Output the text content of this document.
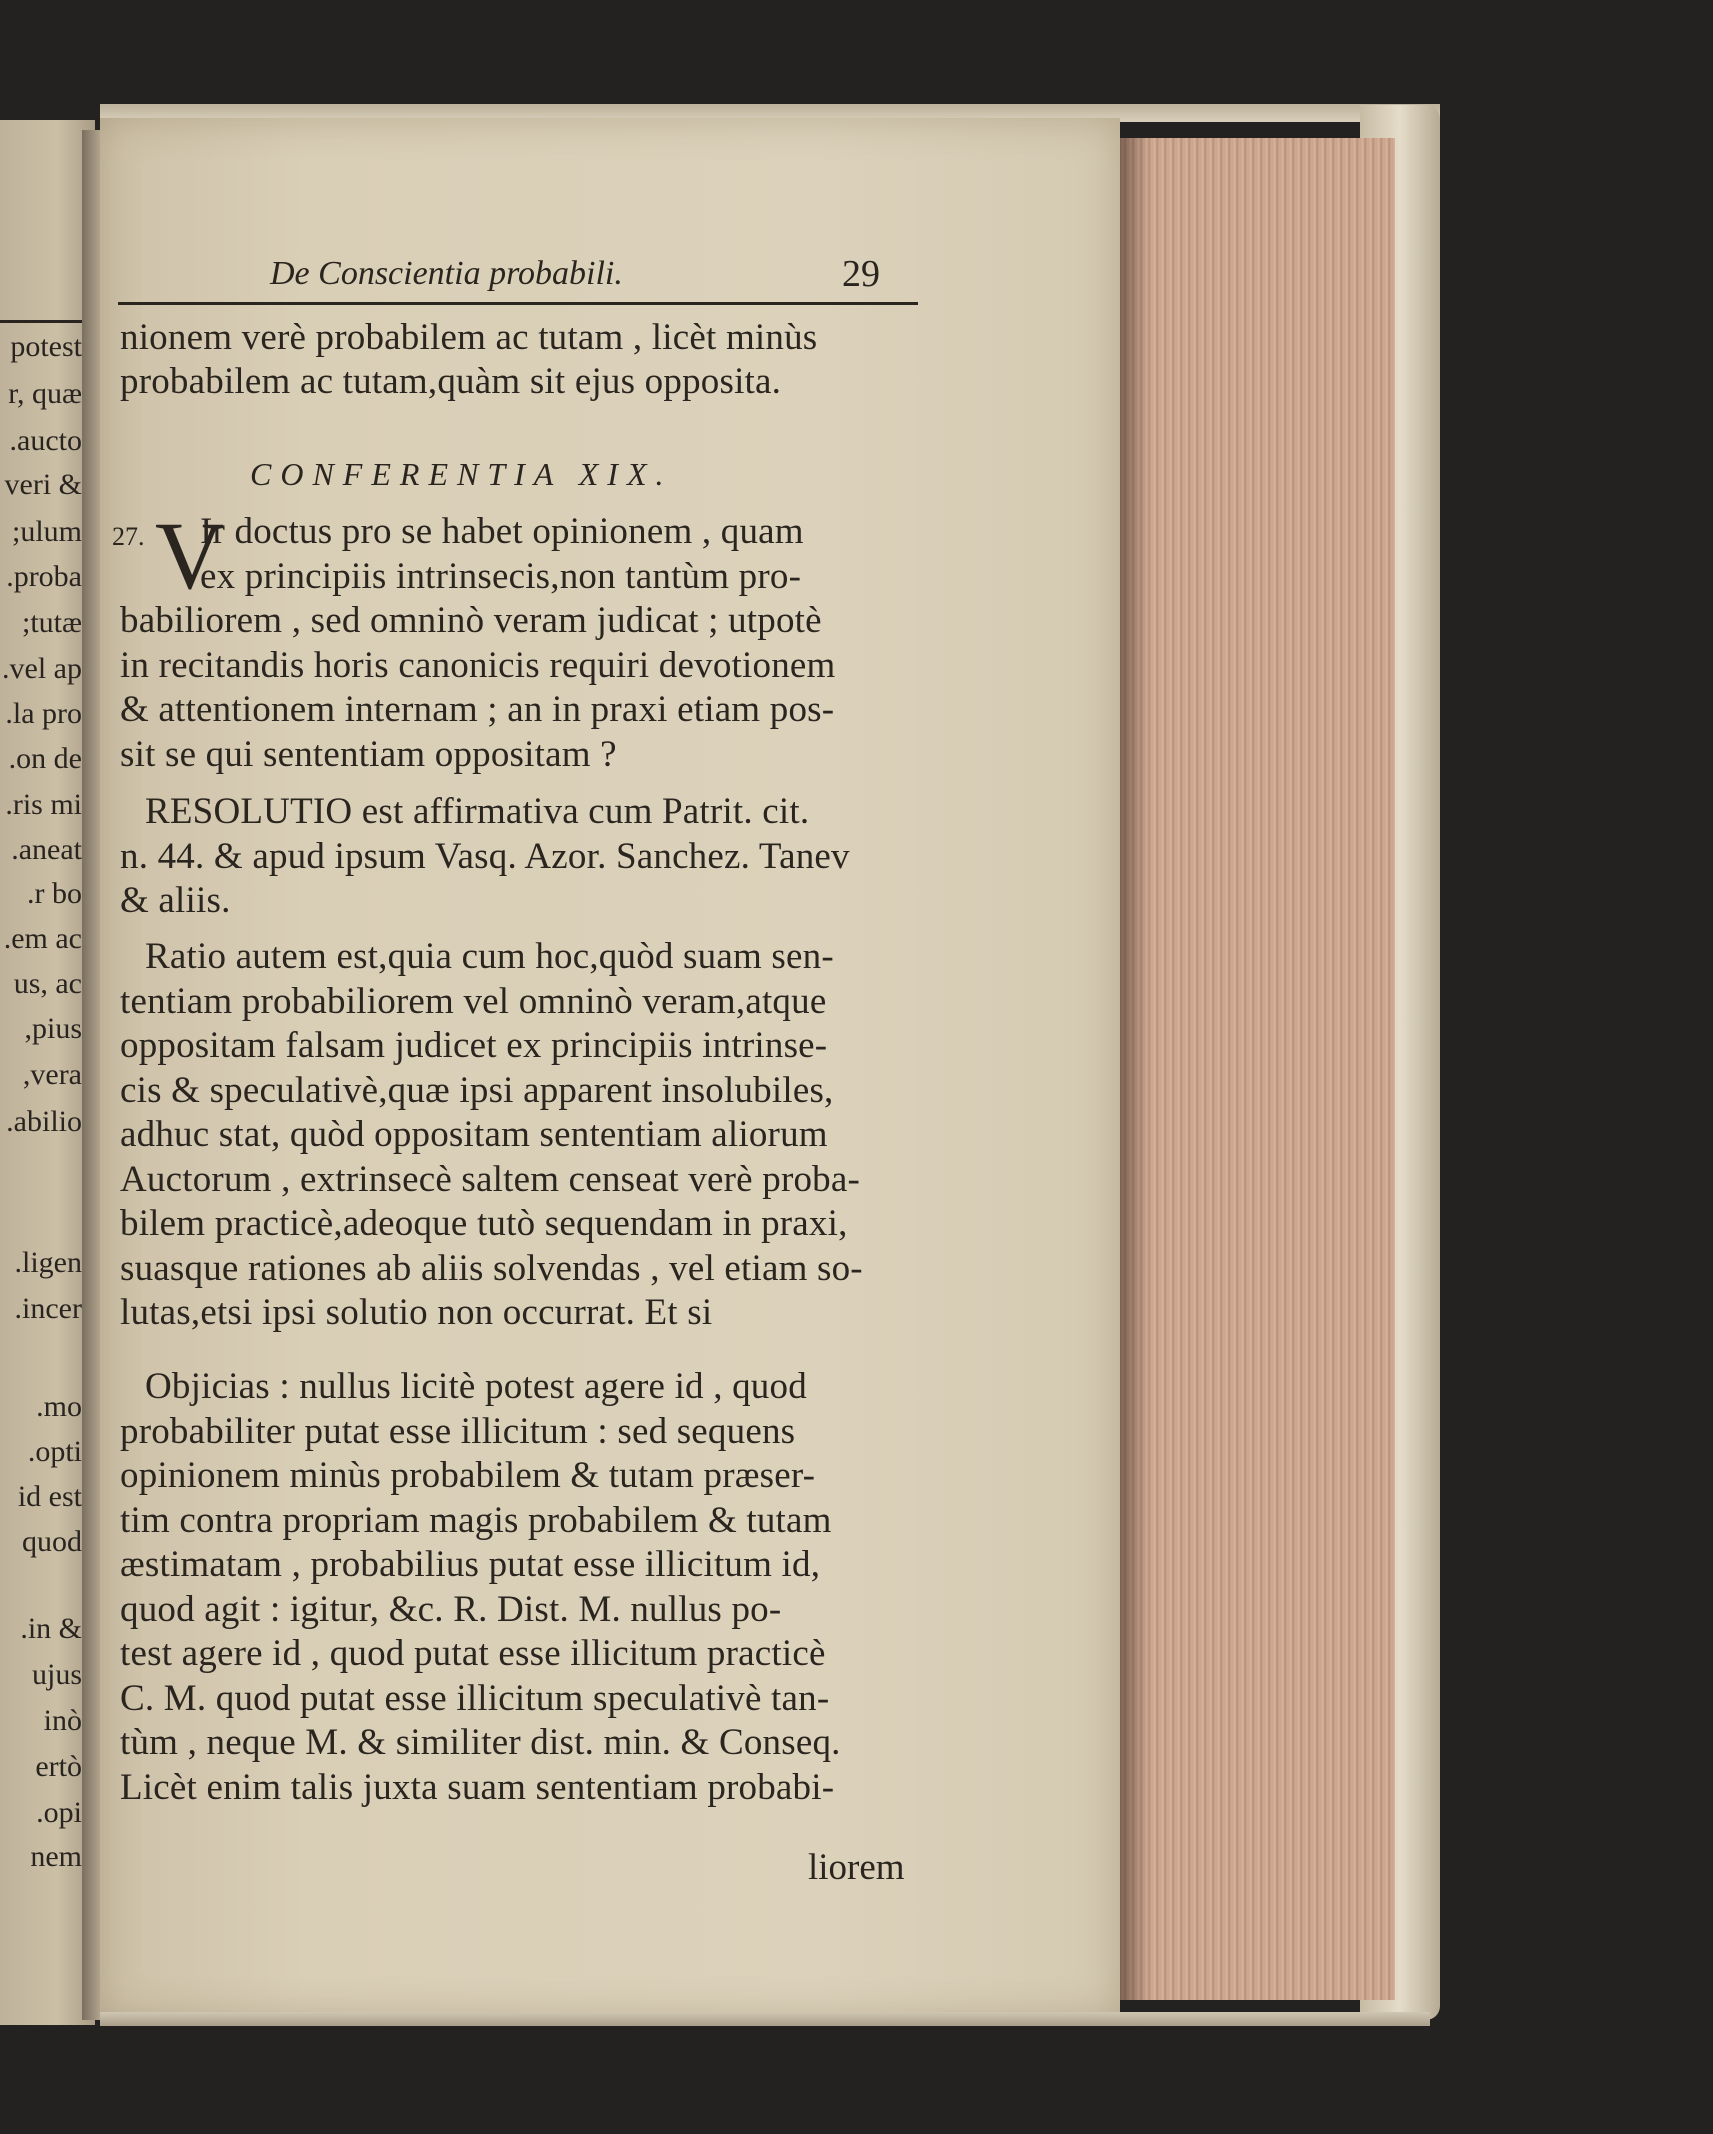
potest
r, quæ
aucto.
& veri
ulum;
proba.
tutæ;
vel ap.
la pro.
on de.
ris mi.
aneat.
r bo.
em ac.
us, ac
pius,
vera,
abilio.
ligen.
incer.
mo.
opti.
id est
quod
& in.
ujus
inò
ertò
opi.
nem
De Conscientia probabili.	29
nionem verè probabilem ac tutam , licèt minùs
probabilem ac tutam,quàm sit ejus opposita.
CONFERENTIA XIX.
27. V
Ir doctus pro se habet opinionem , quam
ex principiis intrinsecis,non tantùm pro-
babiliorem , sed omninò veram judicat ; utpotè
in recitandis horis canonicis requiri devotionem
& attentionem internam ; an in praxi etiam pos-
sit se qui sententiam oppositam ?
RESOLUTIO est affirmativa cum Patrit. cit.
n. 44. & apud ipsum Vasq. Azor. Sanchez. Tanev
& aliis.
Ratio autem est,quia cum hoc,quòd suam sen-
tentiam probabiliorem vel omninò veram,atque
oppositam falsam judicet ex principiis intrinse-
cis & speculativè,quæ ipsi apparent insolubiles,
adhuc stat, quòd oppositam sententiam aliorum
Auctorum , extrinsecè saltem censeat verè proba-
bilem practicè,adeoque tutò sequendam in praxi,
suasque rationes ab aliis solvendas , vel etiam so-
lutas,etsi ipsi solutio non occurrat. Et si
Objicias : nullus licitè potest agere id , quod
probabiliter putat esse illicitum : sed sequens
opinionem minùs probabilem & tutam præser-
tim contra propriam magis probabilem & tutam
æstimatam , probabilius putat esse illicitum id,
quod agit : igitur, &c. R. Dist. M. nullus po-
test agere id , quod putat esse illicitum practicè
C. M. quod putat esse illicitum speculativè tan-
tùm , neque M. & similiter dist. min. & Conseq.
Licèt enim talis juxta suam sententiam probabi-
liorem
